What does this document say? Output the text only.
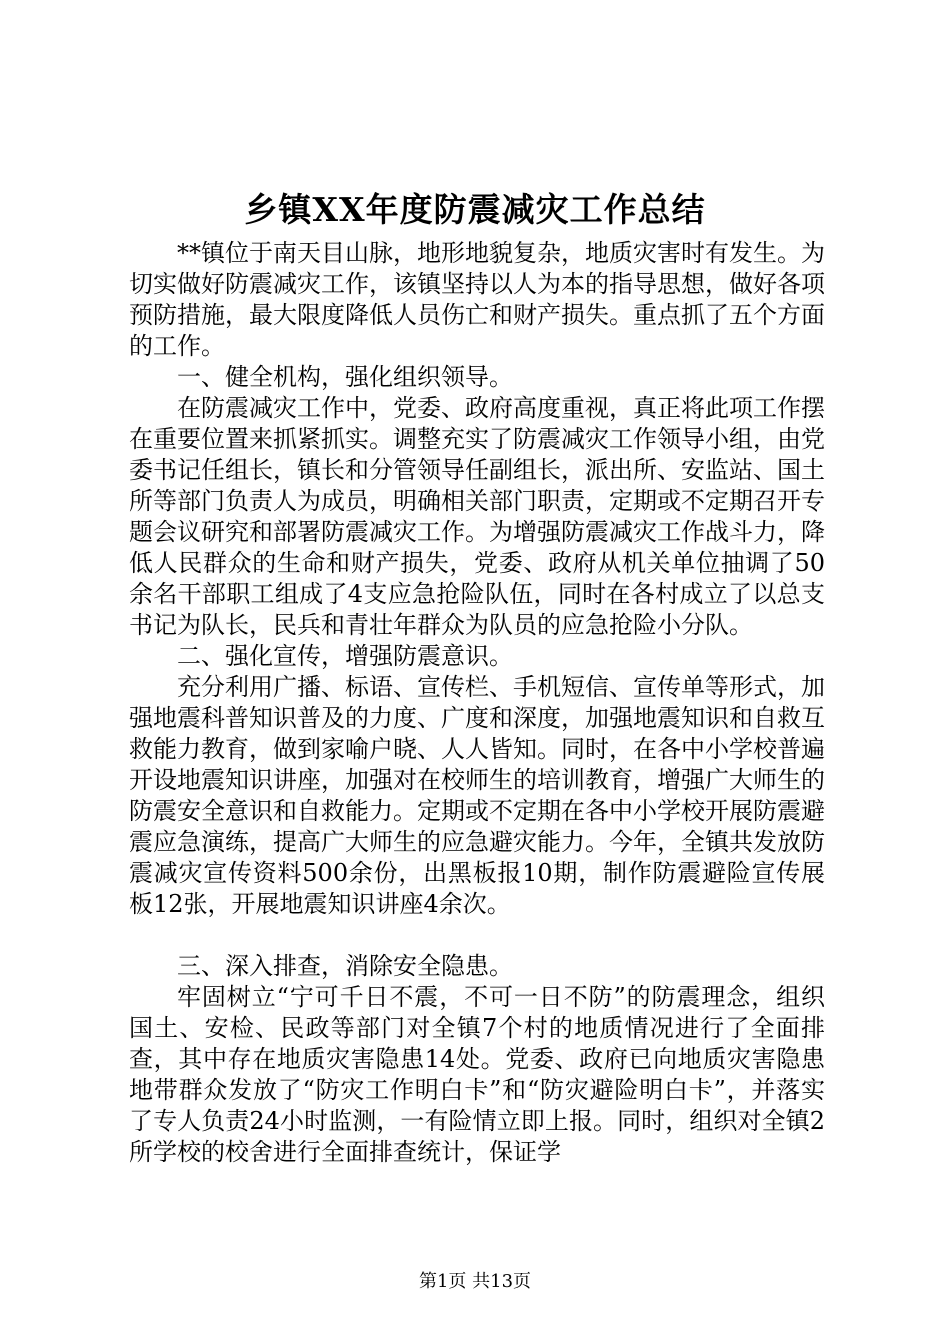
乡镇XX年度防震减灾工作总结

**镇位于南天目山脉，地形地貌复杂，地质灾害时有发生。为切实做好防震减灾工作，该镇坚持以人为本的指导思想，做好各项预防措施，最大限度降低人员伤亡和财产损失。重点抓了五个方面的工作。

一、健全机构，强化组织领导。

在防震减灾工作中，党委、政府高度重视，真正将此项工作摆在重要位置来抓紧抓实。调整充实了防震减灾工作领导小组，由党委书记任组长，镇长和分管领导任副组长，派出所、安监站、国土所等部门负责人为成员，明确相关部门职责，定期或不定期召开专题会议研究和部署防震减灾工作。为增强防震减灾工作战斗力，降低人民群众的生命和财产损失，党委、政府从机关单位抽调了50余名干部职工组成了4支应急抢险队伍，同时在各村成立了以总支书记为队长，民兵和青壮年群众为队员的应急抢险小分队。

二、强化宣传，增强防震意识。

充分利用广播、标语、宣传栏、手机短信、宣传单等形式，加强地震科普知识普及的力度、广度和深度，加强地震知识和自救互救能力教育，做到家喻户晓、人人皆知。同时，在各中小学校普遍开设地震知识讲座，加强对在校师生的培训教育，增强广大师生的防震安全意识和自救能力。定期或不定期在各中小学校开展防震避震应急演练，提高广大师生的应急避灾能力。今年，全镇共发放防震减灾宣传资料500余份，出黑板报10期，制作防震避险宣传展板12张，开展地震知识讲座4余次。

三、深入排查，消除安全隐患。

牢固树立“宁可千日不震，不可一日不防”的防震理念，组织国土、安检、民政等部门对全镇7个村的地质情况进行了全面排查，其中存在地质灾害隐患14处。党委、政府已向地质灾害隐患地带群众发放了“防灾工作明白卡”和“防灾避险明白卡”，并落实了专人负责24小时监测，一有险情立即上报。同时，组织对全镇2所学校的校舍进行全面排查统计，保证学

第1页 共13页
